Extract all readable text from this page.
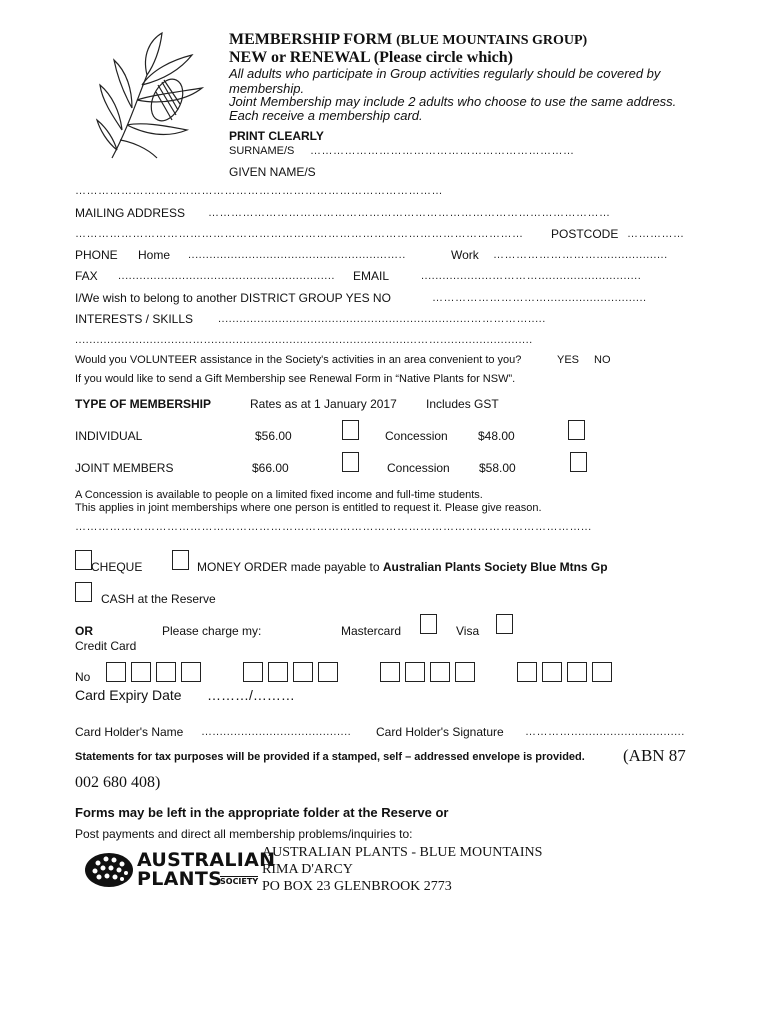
MEMBERSHIP FORM (BLUE MOUNTAINS GROUP)
NEW or RENEWAL (Please circle which)
All adults who participate in Group activities regularly should be covered by
membership.
Joint Membership may include 2 adults who choose to use the same address.
Each receive a membership card.
PRINT CLEARLY
SURNAME/S ……………………………………………………………
GIVEN NAME/S
……………………………………………………………………………………
MAILING ADDRESS ……………………………………………………………………………………………
……………………………………………………………………………………………………… POSTCODE ……………
PHONE Home ........................................................…..	Work ………………………....................
FAX ............................................................. EMAIL	....................………….............................
I/We wish to belong to another DISTRICT GROUP YES NO	…………………………............................
INTERESTS / SKILLS .......................................................................…………….....
.................................…............................................................……..........................
Would you VOLUNTEER assistance in the Society's activities in an area convenient to you?	YES NO
If you would like to send a Gift Membership see Renewal Form in “Native Plants for NSW”.
TYPE OF MEMBERSHIP	Rates as at 1 January 2017 Includes GST
INDIVIDUAL	$56.00	Concession	$48.00
JOINT MEMBERS	$66.00	Concession $58.00
A Concession is available to people on a limited fixed income and full-time students.
This applies in joint memberships where one person is entitled to request it. Please give reason.
……………………………………………………………………………………………………………………...
CHEQUE	MONEY ORDER made payable to Australian Plants Society Blue Mtns Gp
CASH at the Reserve
OR
Credit Card
Please charge my:	Mastercard	Visa
No
Card Expiry Date ………/………
Card Holder's Name …....................................... Card Holder's Signature …………................................
Statements for tax purposes will be provided if a stamped, self – addressed envelope is provided. (ABN 87
002 680 408)
Forms may be left in the appropriate folder at the Reserve or
Post payments and direct all membership problems/inquiries to:
AUSTRALIAN
PLANTS
SOCIETY
AUSTRALIAN PLANTS - BLUE MOUNTAINS
RIMA D'ARCY
PO BOX 23 GLENBROOK 2773
